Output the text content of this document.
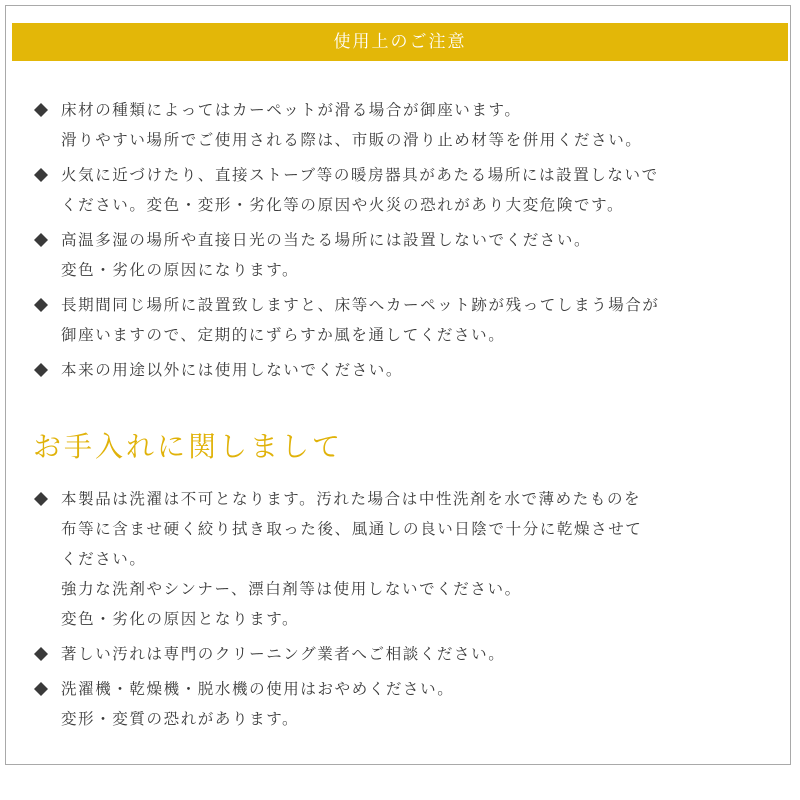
使用上のご注意
床材の種類によってはカーペットが滑る場合が御座います。
滑りやすい場所でご使用される際は、市販の滑り止め材等を併用ください。
火気に近づけたり、直接ストーブ等の暖房器具があたる場所には設置しないで
ください。変色・変形・劣化等の原因や火災の恐れがあり大変危険です。
高温多湿の場所や直接日光の当たる場所には設置しないでください。
変色・劣化の原因になります。
長期間同じ場所に設置致しますと、床等へカーペット跡が残ってしまう場合が
御座いますので、定期的にずらすか風を通してください。
本来の用途以外には使用しないでください。
お手入れに関しまして
本製品は洗濯は不可となります。汚れた場合は中性洗剤を水で薄めたものを
布等に含ませ硬く絞り拭き取った後、風通しの良い日陰で十分に乾燥させて
ください。
強力な洗剤やシンナー、漂白剤等は使用しないでください。
変色・劣化の原因となります。
著しい汚れは専門のクリーニング業者へご相談ください。
洗濯機・乾燥機・脱水機の使用はおやめください。
変形・変質の恐れがあります。
